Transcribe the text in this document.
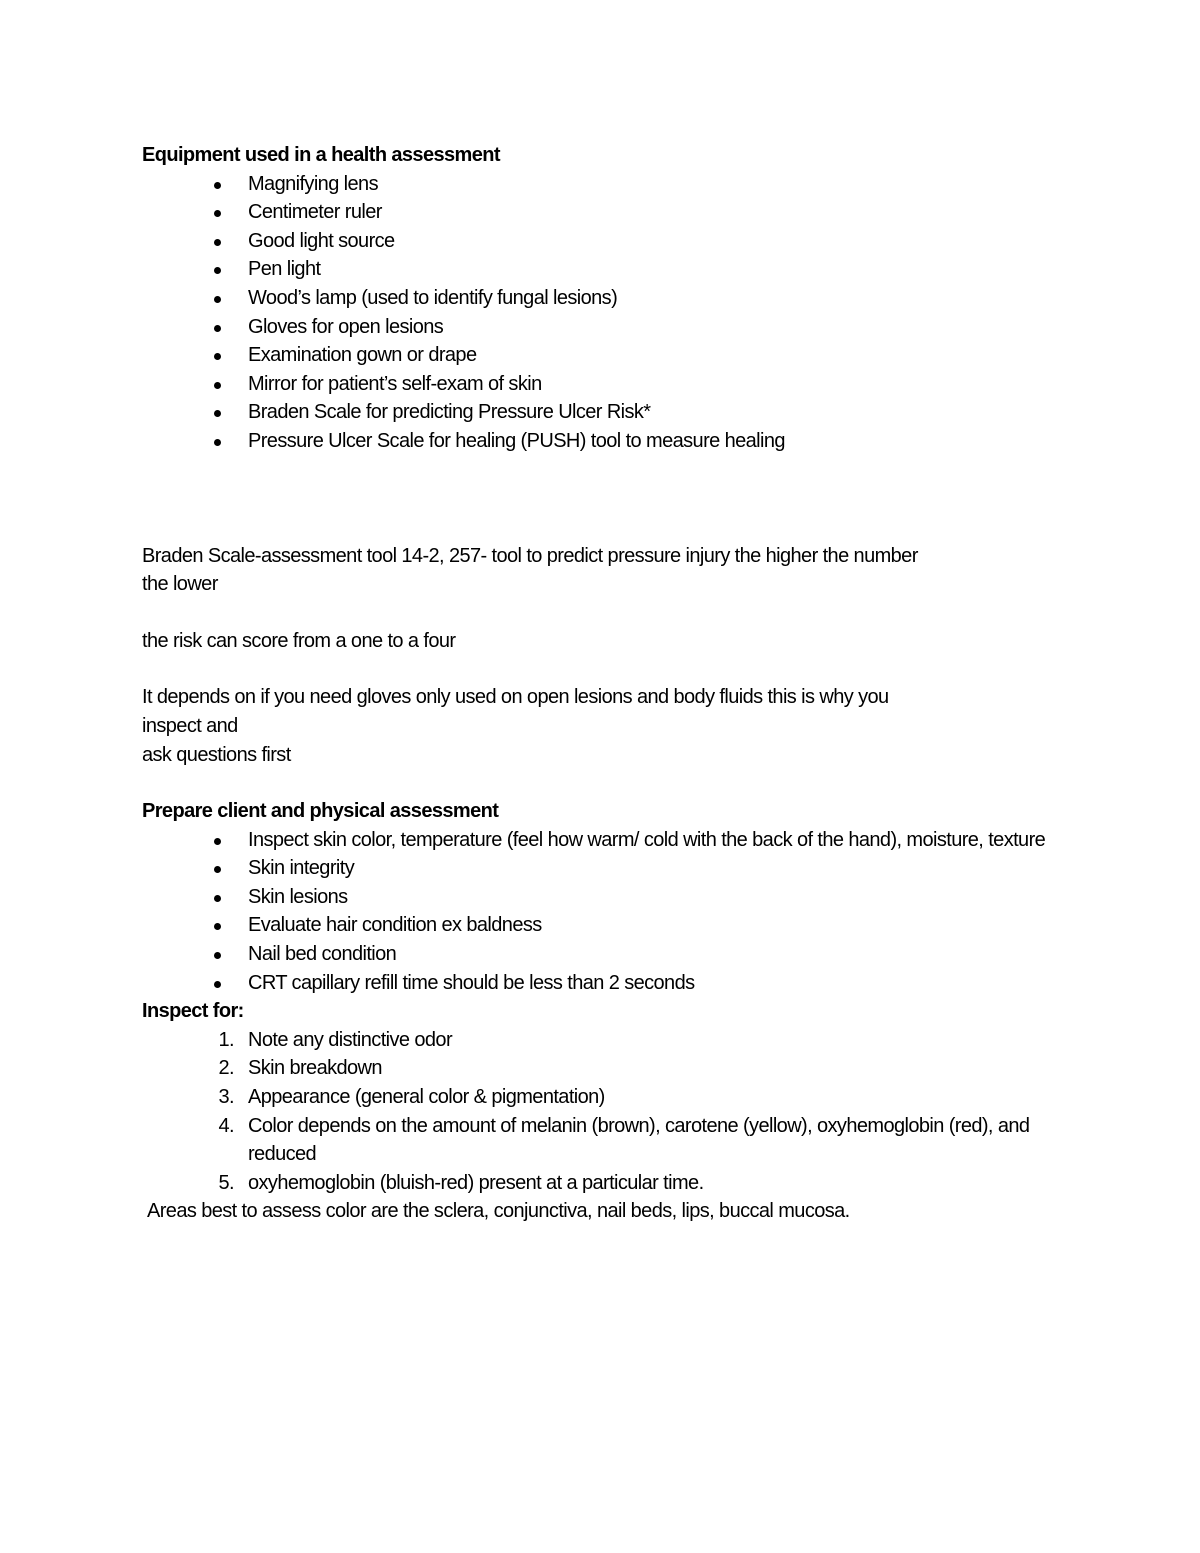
Equipment used in a health assessment

Magnifying lens
Centimeter ruler
Good light source
Pen light
Wood’s lamp (used to identify fungal lesions)
Gloves for open lesions
Examination gown or drape
Mirror for patient’s self-exam of skin
Braden Scale for predicting Pressure Ulcer Risk*
Pressure Ulcer Scale for healing (PUSH) tool to measure healing

Braden Scale-assessment tool 14-2, 257- tool to predict pressure injury the higher the number

the lower

the risk can score from a one to a four

It depends on if you need gloves only used on open lesions and body fluids this is why you

inspect and

ask questions first

Prepare client and physical assessment

Inspect skin color, temperature (feel how warm/ cold with the back of the hand), moisture, texture
Skin integrity
Skin lesions
Evaluate hair condition ex baldness
Nail bed condition
CRT capillary refill time should be less than 2 seconds

Inspect for:

1. Note any distinctive odor
2. Skin breakdown
3. Appearance (general color & pigmentation)
4. Color depends on the amount of melanin (brown), carotene (yellow), oxyhemoglobin (red), and reduced
5. oxyhemoglobin (bluish-red) present at a particular time.

Areas best to assess color are the sclera, conjunctiva, nail beds, lips, buccal mucosa.
